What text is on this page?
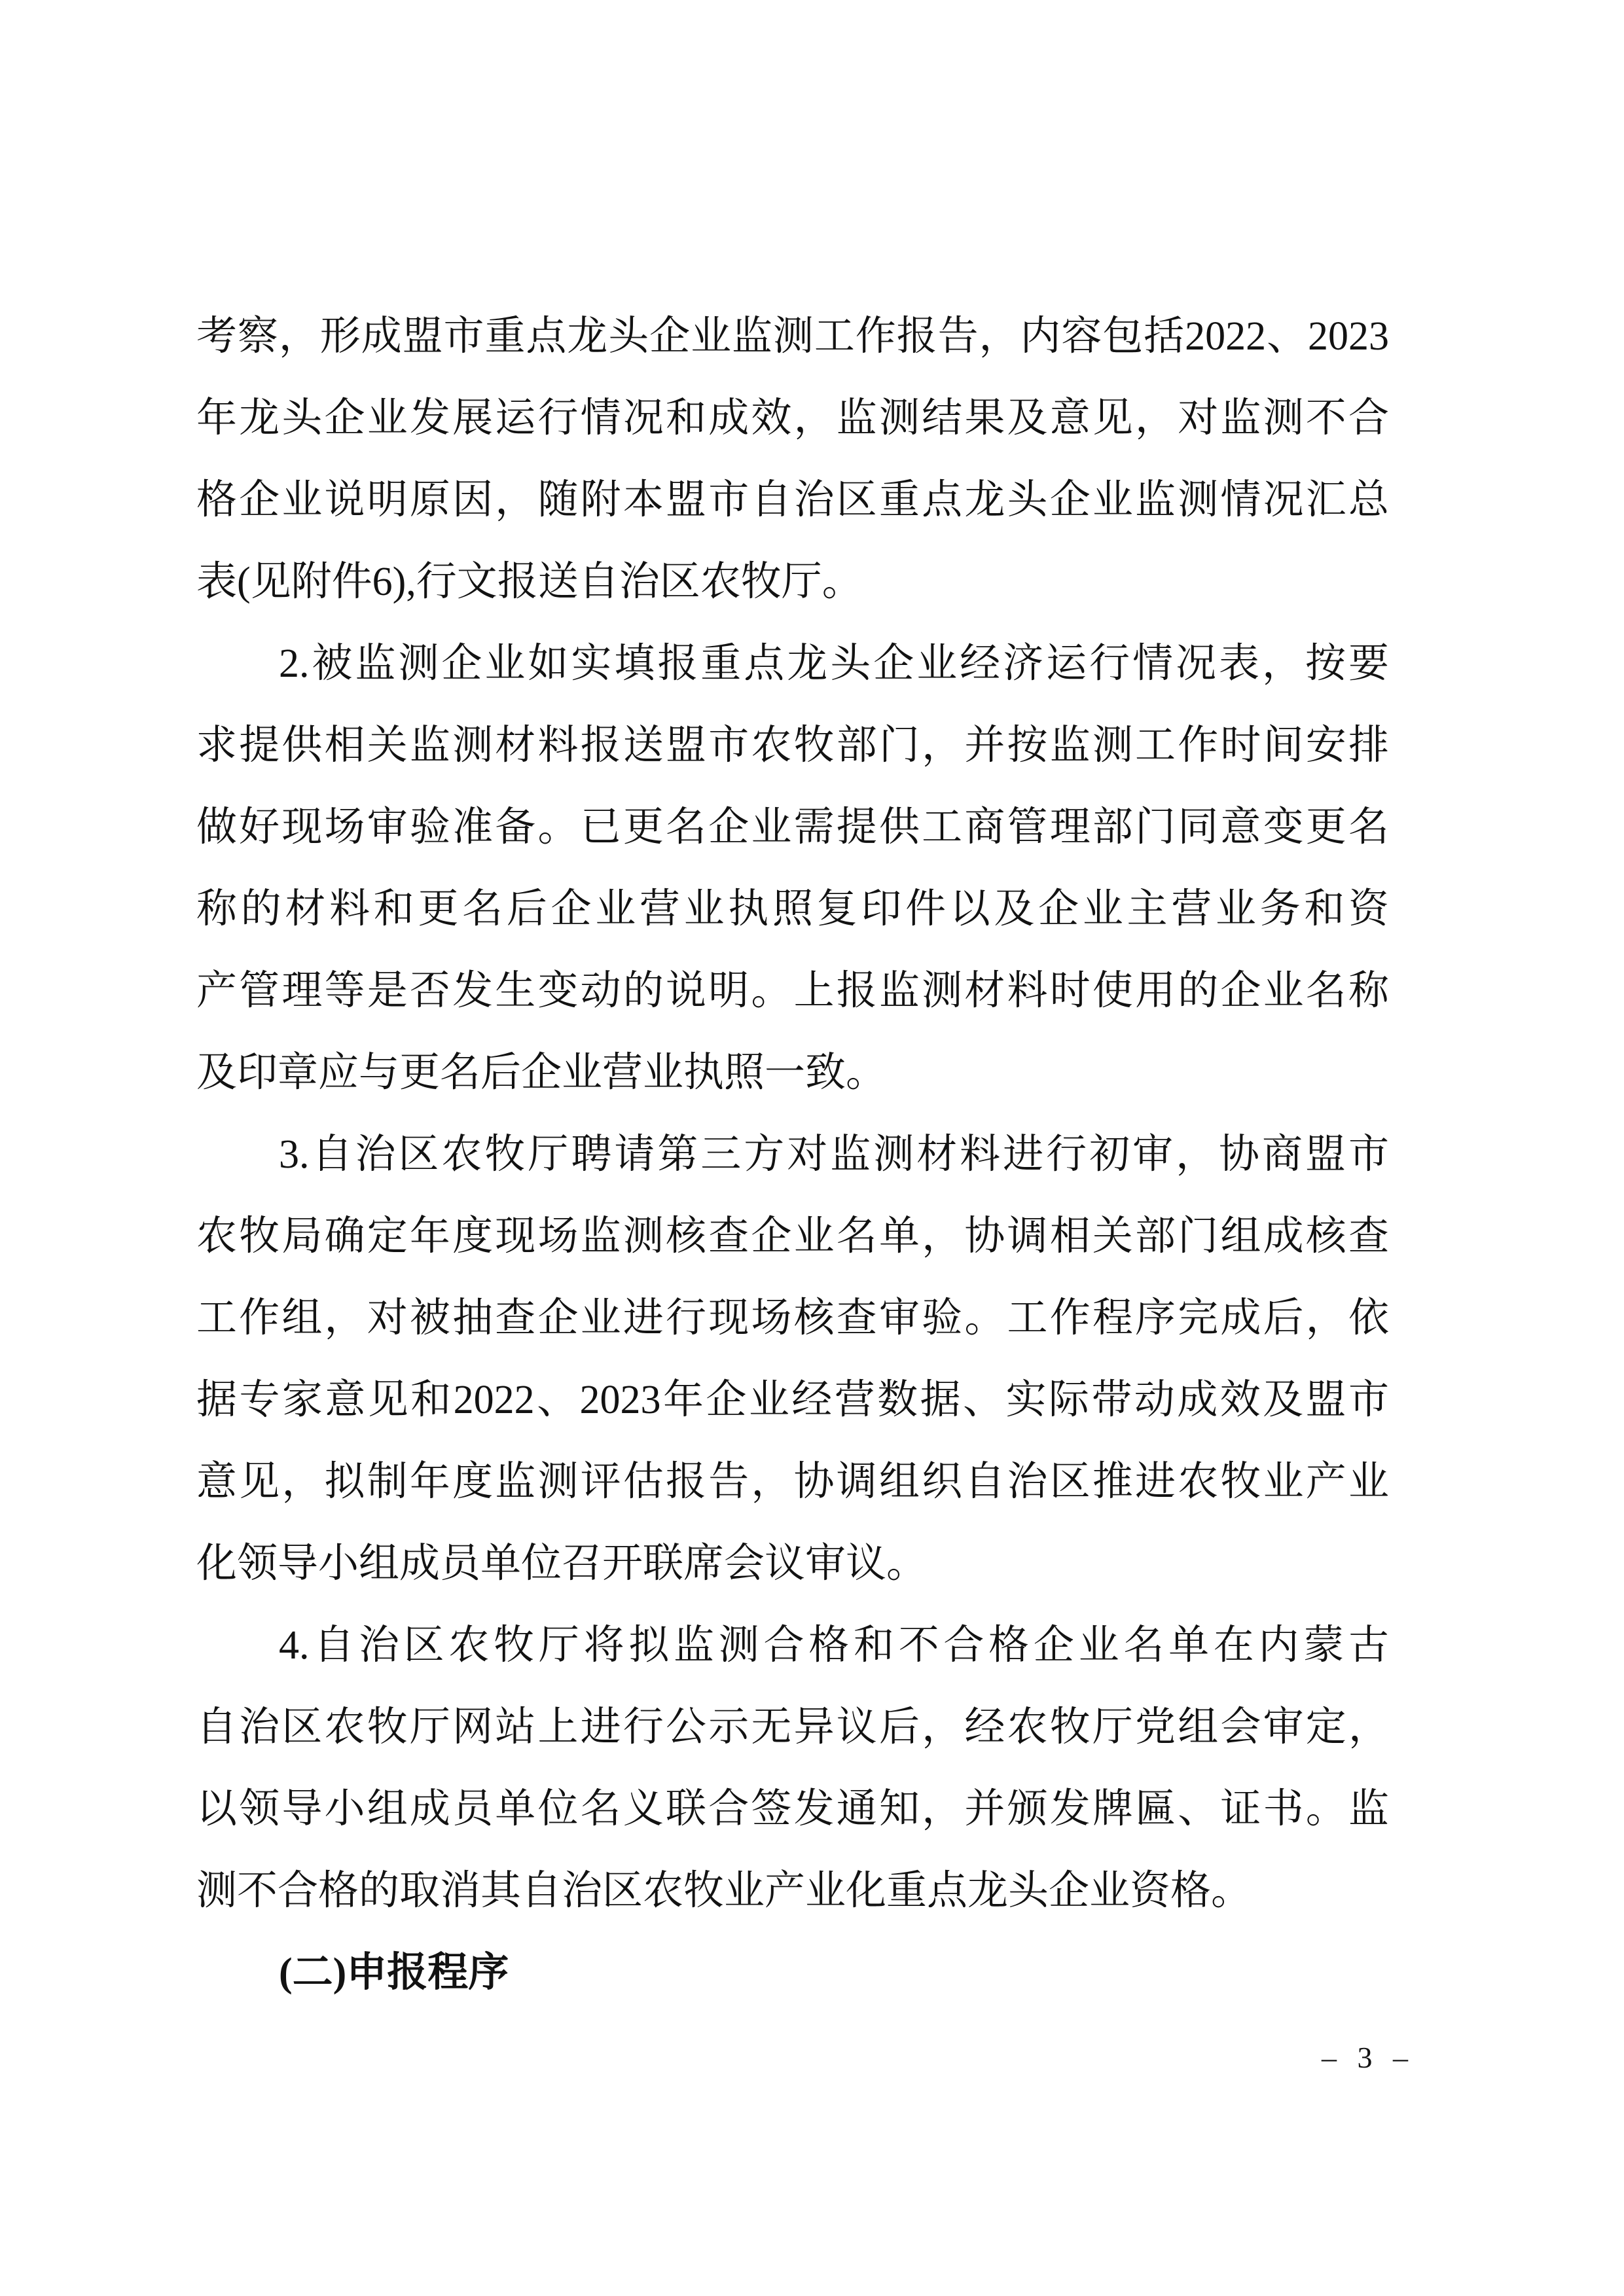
考察，形成盟市重点龙头企业监测工作报告，内容包括2022、2023

年龙头企业发展运行情况和成效，监测结果及意见，对监测不合

格企业说明原因，随附本盟市自治区重点龙头企业监测情况汇总

表(见附件6),行文报送自治区农牧厅。

2.被监测企业如实填报重点龙头企业经济运行情况表，按要

求提供相关监测材料报送盟市农牧部门，并按监测工作时间安排

做好现场审验准备。已更名企业需提供工商管理部门同意变更名

称的材料和更名后企业营业执照复印件以及企业主营业务和资

产管理等是否发生变动的说明。上报监测材料时使用的企业名称

及印章应与更名后企业营业执照一致。

3.自治区农牧厅聘请第三方对监测材料进行初审，协商盟市

农牧局确定年度现场监测核查企业名单，协调相关部门组成核查

工作组，对被抽查企业进行现场核查审验。工作程序完成后，依

据专家意见和2022、2023年企业经营数据、实际带动成效及盟市

意见，拟制年度监测评估报告，协调组织自治区推进农牧业产业

化领导小组成员单位召开联席会议审议。

4.自治区农牧厅将拟监测合格和不合格企业名单在内蒙古

自治区农牧厅网站上进行公示无异议后，经农牧厅党组会审定，

以领导小组成员单位名义联合签发通知，并颁发牌匾、证书。监

测不合格的取消其自治区农牧业产业化重点龙头企业资格。

(二)申报程序

– 3 –
